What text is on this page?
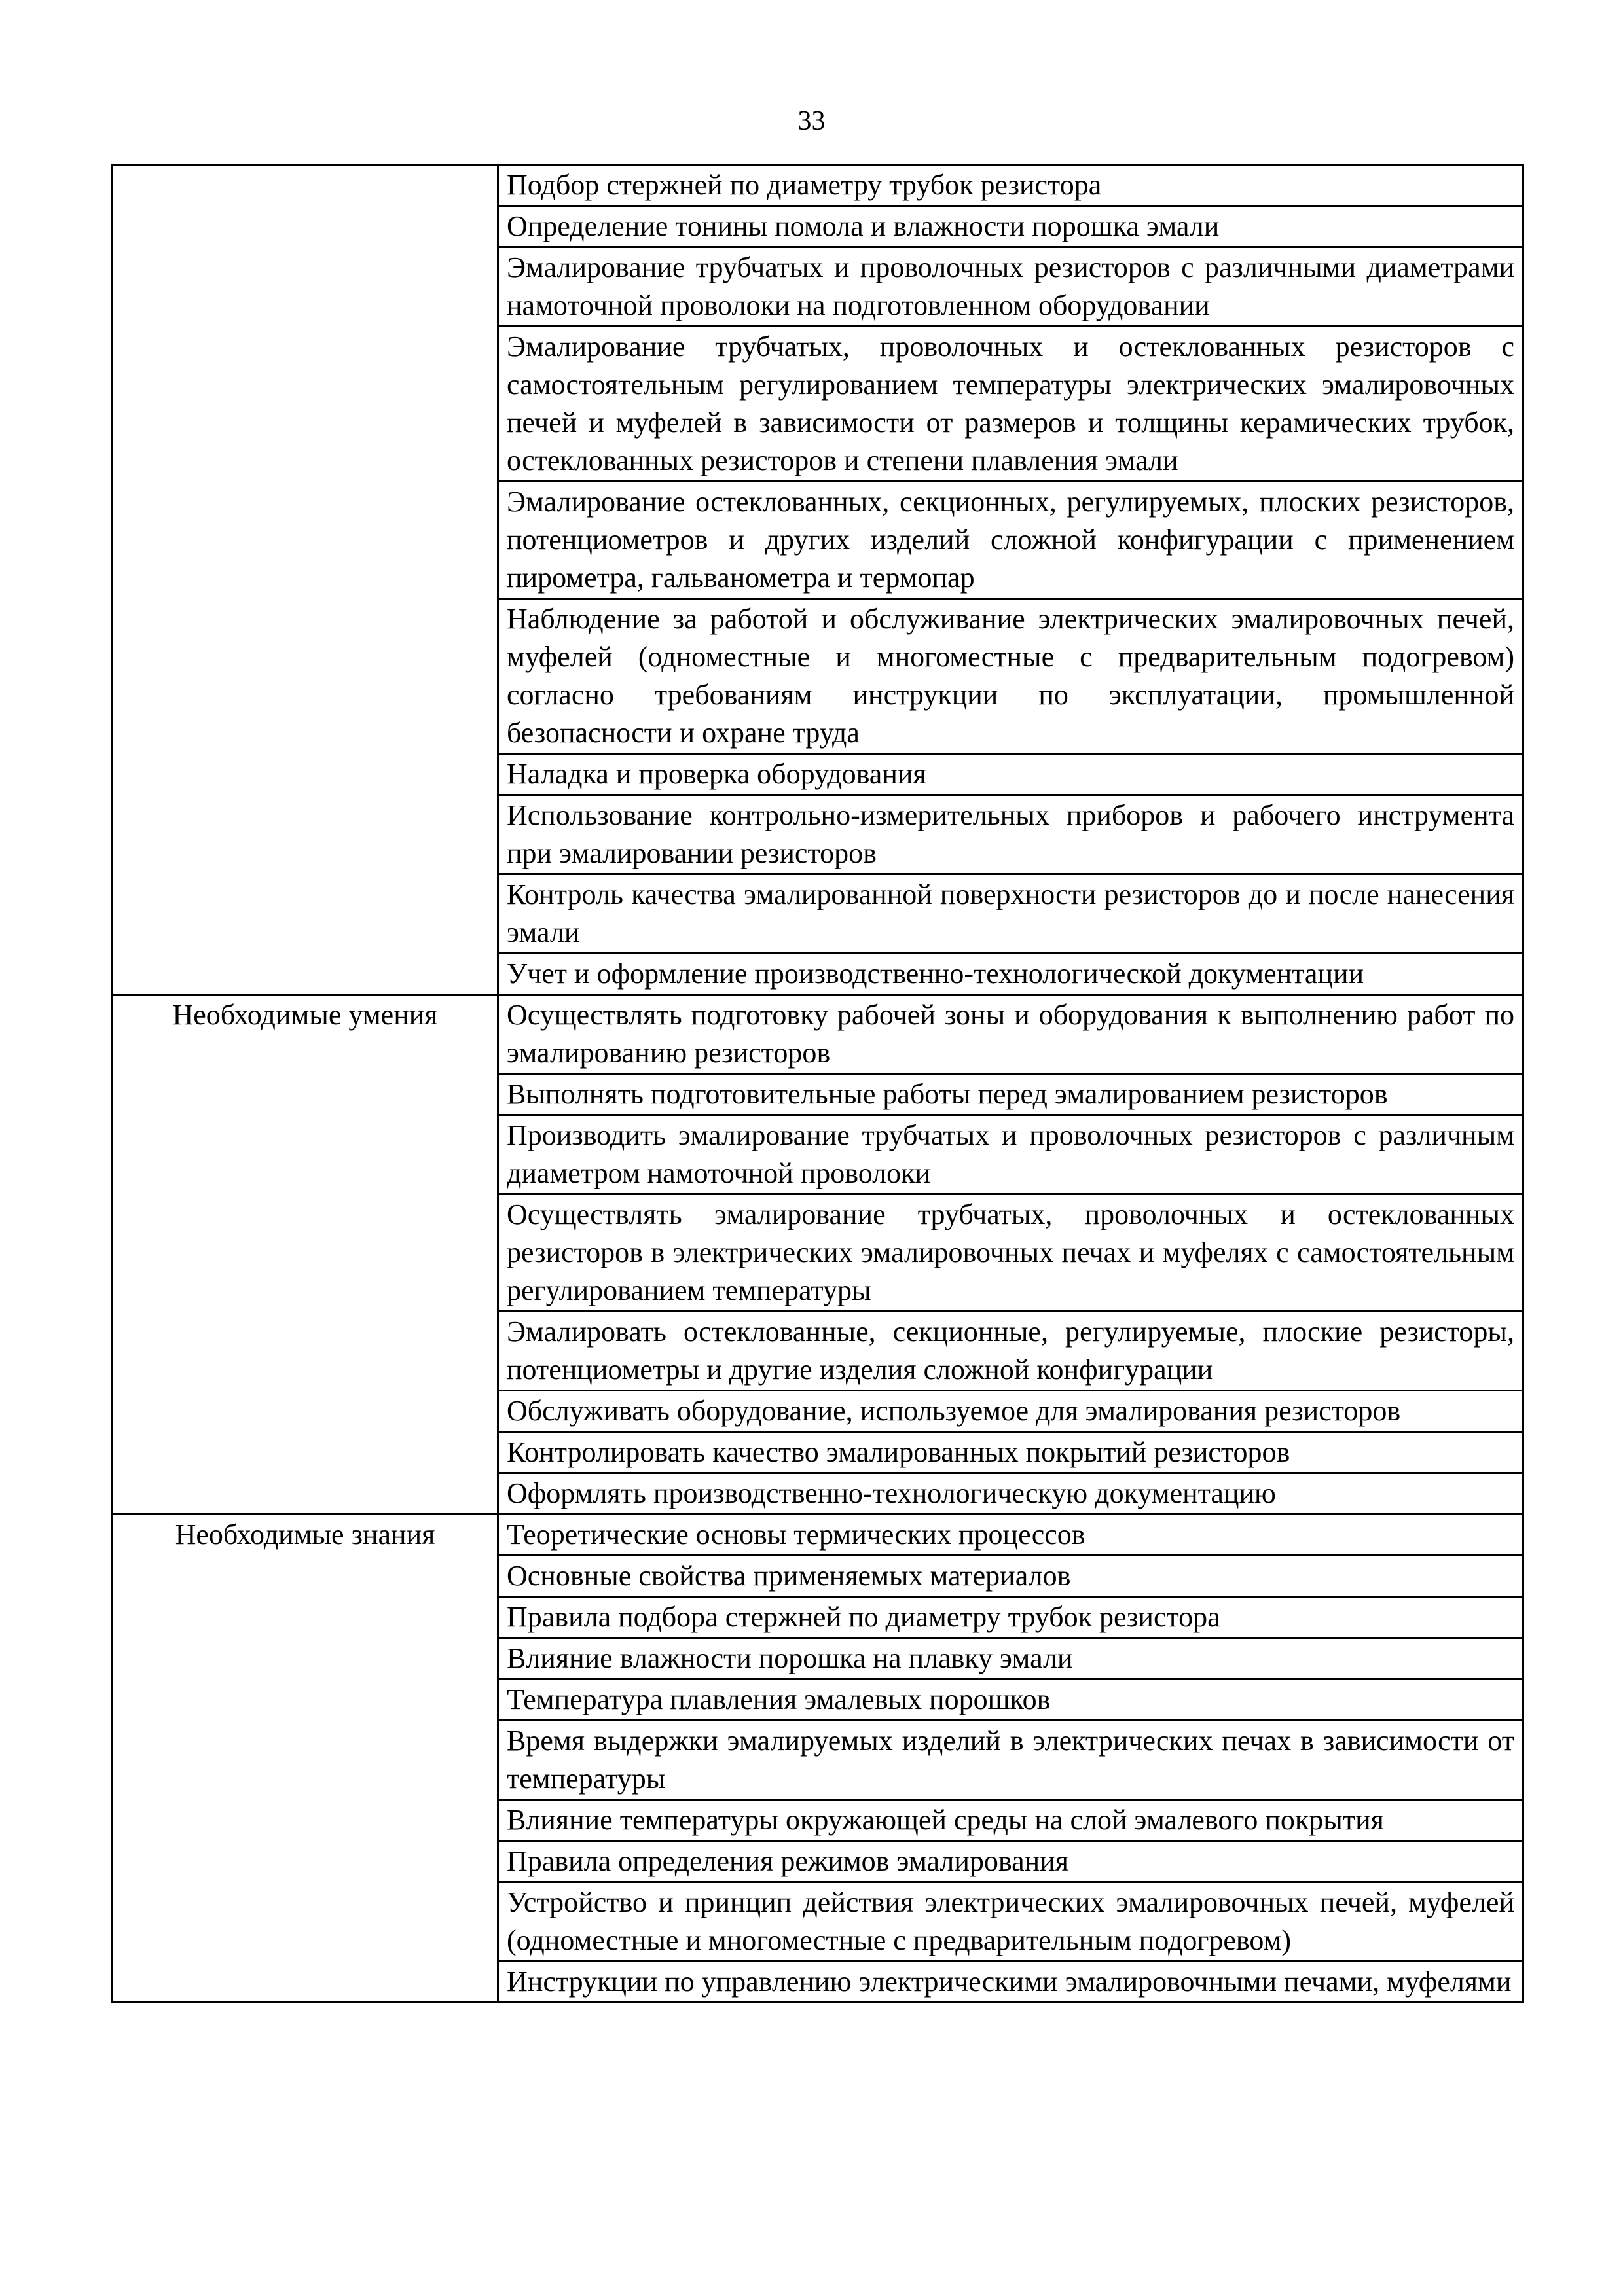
33
	Подбор стержней по диаметру трубок резистора
	Определение тонины помола и влажности порошка эмали
	Эмалирование трубчатых и проволочных резисторов с различными диаметрами намоточной проволоки на подготовленном оборудовании
	Эмалирование трубчатых, проволочных и остеклованных резисторов с самостоятельным регулированием температуры электрических эмалировочных печей и муфелей в зависимости от размеров и толщины керамических трубок, остеклованных резисторов и степени плавления эмали
	Эмалирование остеклованных, секционных, регулируемых, плоских резисторов, потенциометров и других изделий сложной конфигурации с применением пирометра, гальванометра и термопар
	Наблюдение за работой и обслуживание электрических эмалировочных печей, муфелей (одноместные и многоместные с предварительным подогревом) согласно требованиям инструкции по эксплуатации, промышленной безопасности и охране труда
	Наладка и проверка оборудования
	Использование контрольно-измерительных приборов и рабочего инструмента при эмалировании резисторов
	Контроль качества эмалированной поверхности резисторов до и после нанесения эмали
	Учет и оформление производственно-технологической документации
Необходимые умения	Осуществлять подготовку рабочей зоны и оборудования к выполнению работ по эмалированию резисторов
	Выполнять подготовительные работы перед эмалированием резисторов
	Производить эмалирование трубчатых и проволочных резисторов с различным диаметром намоточной проволоки
	Осуществлять эмалирование трубчатых, проволочных и остеклованных резисторов в электрических эмалировочных печах и муфелях с самостоятельным регулированием температуры
	Эмалировать остеклованные, секционные, регулируемые, плоские резисторы, потенциометры и другие изделия сложной конфигурации
	Обслуживать оборудование, используемое для эмалирования резисторов
	Контролировать качество эмалированных покрытий резисторов
	Оформлять производственно-технологическую документацию
Необходимые знания	Теоретические основы термических процессов
	Основные свойства применяемых материалов
	Правила подбора стержней по диаметру трубок резистора
	Влияние влажности порошка на плавку эмали
	Температура плавления эмалевых порошков
	Время выдержки эмалируемых изделий в электрических печах в зависимости от температуры
	Влияние температуры окружающей среды на слой эмалевого покрытия
	Правила определения режимов эмалирования
	Устройство и принцип действия электрических эмалировочных печей, муфелей (одноместные и многоместные с предварительным подогревом)
	Инструкции по управлению электрическими эмалировочными печами, муфелями
